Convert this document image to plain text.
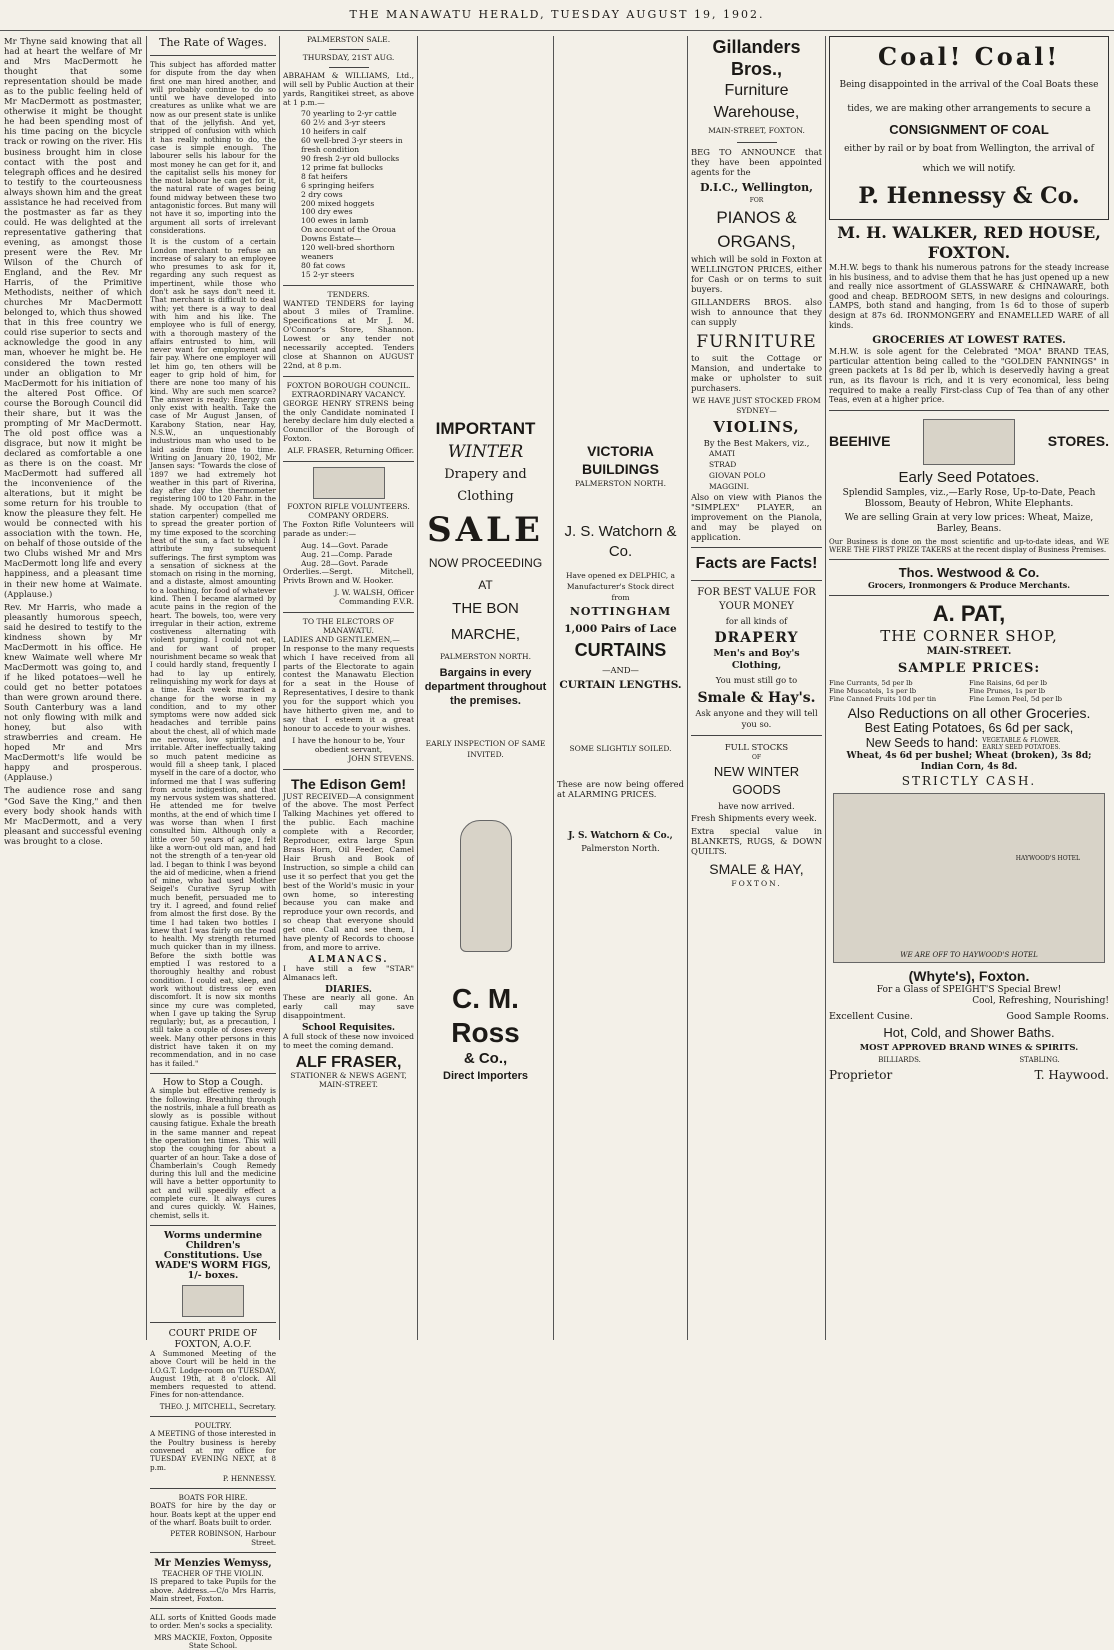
THE MANAWATU HERALD, TUESDAY AUGUST 19, 1902.

Mr Thyne said knowing that all had at heart the welfare of Mr and Mrs MacDermott he thought that some representation should be made as to the public feeling held of Mr MacDermott as postmaster, otherwise it might be thought he had been spending most of his time pacing on the bicycle track or rowing on the river. His business brought him in close contact with the post and telegraph offices and he desired to testify to the courteousness always shown him and the great assistance he had received from the postmaster as far as they could. He was delighted at the representative gathering that evening, as amongst those present were the Rev. Mr Wilson of the Church of England, and the Rev. Mr Harris, of the Primitive Methodists, neither of which churches Mr MacDermott belonged to, which thus showed that in this free country we could rise superior to sects and acknowledge the good in any man, whoever he might be. He considered the town rested under an obligation to Mr MacDermott for his initiation of the altered Post Office. Of course the Borough Council did their share, but it was the prompting of Mr MacDermott. The old post office was a disgrace, but now it might be declared as comfortable a one as there is on the coast. Mr MacDermott had suffered all the inconvenience of the alterations, but it might be some return for his trouble to know the pleasure they felt. He would be connected with his association with the town. He, on behalf of those outside of the two Clubs wished Mr and Mrs MacDermott long life and every happiness, and a pleasant time in their new home at Waimate. (Applause.)

Rev. Mr Harris, who made a pleasantly humorous speech, said he desired to testify to the kindness shown by Mr MacDermott in his office. He knew Waimate well where Mr MacDermott was going to, and if he liked potatoes—well he could get no better potatoes than were grown around there. South Canterbury was a land not only flowing with milk and honey, but also with strawberries and cream. He hoped Mr and Mrs MacDermott's life would be happy and prosperous. (Applause.)

The audience rose and sang "God Save the King," and then every body shook hands with Mr MacDermott, and a very pleasant and successful evening was brought to a close.

The Rate of Wages.

This subject has afforded matter for dispute from the day when first one man hired another, and will probably continue to do so until we have developed into creatures as unlike what we are now as our present state is unlike that of the jellyfish. And yet, stripped of confusion with which it has really nothing to do, the case is simple enough. The labourer sells his labour for the most money he can get for it, and the capitalist sells his money for the most labour he can get for it, the natural rate of wages being found midway between these two antagonistic forces. But many will not have it so, importing into the argument all sorts of irrelevant considerations.

It is the custom of a certain London merchant to refuse an increase of salary to an employee who presumes to ask for it, regarding any such request as impertinent, while those who don't ask he says don't need it. That merchant is difficult to deal with; yet there is a way to deal with him and his like. The employee who is full of energy, with a thorough mastery of the affairs entrusted to him, will never want for employment and fair pay. Where one employer will let him go, ten others will be eager to grip hold of him, for there are none too many of his kind. Why are such men scarce? The answer is ready: Energy can only exist with health. Take the case of Mr August Jansen, of Karabony Station, near Hay, N.S.W., an unquestionably industrious man who used to be laid aside from time to time. Writing on January 20, 1902, Mr Jansen says: "Towards the close of 1897 we had extremely hot weather in this part of Riverina, day after day the thermometer registering 100 to 120 Fahr. in the shade. My occupation (that of station carpenter) compelled me to spread the greater portion of my time exposed to the scorching heat of the sun, a fact to which I attribute my subsequent sufferings. The first symptom was a sensation of sickness at the stomach on rising in the morning, and a distaste, almost amounting to a loathing, for food of whatever kind. Then I became alarmed by acute pains in the region of the heart. The bowels, too, were very irregular in their action, extreme costiveness alternating with violent purging. I could not eat, and for want of proper nourishment became so weak that I could hardly stand, frequently I had to lay up entirely, relinquishing my work for days at a time. Each week marked a change for the worse in my condition, and to my other symptoms were now added sick headaches and terrible pains about the chest, all of which made me nervous, low spirited, and irritable. After ineffectually taking so much patent medicine as would fill a sheep tank, I placed myself in the care of a doctor, who informed me that I was suffering from acute indigestion, and that my nervous system was shattered. He attended me for twelve months, at the end of which time I was worse than when I first consulted him. Although only a little over 50 years of age, I felt like a worn-out old man, and had not the strength of a ten-year old lad. I began to think I was beyond the aid of medicine, when a friend of mine, who had used Mother Seigel's Curative Syrup with much benefit, persuaded me to try it. I agreed, and found relief from almost the first dose. By the time I had taken two bottles I knew that I was fairly on the road to health. My strength returned much quicker than in my illness. Before the sixth bottle was emptied I was restored to a thoroughly healthy and robust condition. I could eat, sleep, and work without distress or even discomfort. It is now six months since my cure was completed, when I gave up taking the Syrup regularly; but, as a precaution, I still take a couple of doses every week. Many other persons in this district have taken it on my recommendation, and in no case has it failed."

How to Stop a Cough.

A simple but effective remedy is the following. Breathing through the nostrils, inhale a full breath as slowly as is possible without causing fatigue. Exhale the breath in the same manner and repeat the operation ten times. This will stop the coughing for about a quarter of an hour. Take a dose of Chamberlain's Cough Remedy during this lull and the medicine will have a better opportunity to act and will speedily effect a complete cure. It always cures and cures quickly. W. Haines, chemist, sells it.

Worms undermine Children's Constitutions. Use WADE'S WORM FIGS, 1/- boxes.
COURT PRIDE OF FOXTON, A.O.F.

A Summoned Meeting of the above Court will be held in the I.O.G.T. Lodge-room on TUESDAY, August 19th, at 8 o'clock. All members requested to attend. Fines for non-attendance.

THEO. J. MITCHELL, Secretary.
POULTRY.

A MEETING of those interested in the Poultry business is hereby convened at my office for TUESDAY EVENING NEXT, at 8 p.m.

P. HENNESSY.
BOATS FOR HIRE.

BOATS for hire by the day or hour. Boats kept at the upper end of the wharf. Boats built to order.

PETER ROBINSON, Harbour Street.
Mr Menzies Wemyss,
TEACHER OF THE VIOLIN.

IS prepared to take Pupils for the above. Address.—C/o Mrs Harris, Main street, Foxton.

ALL sorts of Knitted Goods made to order. Men's socks a speciality.

MRS MACKIE, Foxton, Opposite State School.
PALMERSTON SALE.
THURSDAY, 21ST AUG.

ABRAHAM & WILLIAMS, Ltd., will sell by Public Auction at their yards, Rangitikei street, as above at 1 p.m.—

70 yearling to 2-yr cattle

60 2½ and 3-yr steers

10 heifers in calf

60 well-bred 3-yr steers in fresh condition

90 fresh 2-yr old bullocks

12 prime fat bullocks

8 fat heifers

6 springing heifers

2 dry cows

200 mixed hoggets

100 dry ewes

100 ewes in lamb

On account of the Oroua Downs Estate—

120 well-bred shorthorn weaners

80 fat cows

15 2-yr steers

TENDERS.

WANTED TENDERS for laying about 3 miles of Tramline. Specifications at Mr J. M. O'Connor's Store, Shannon. Lowest or any tender not necessarily accepted. Tenders close at Shannon on AUGUST 22nd, at 8 p.m.

FOXTON BOROUGH COUNCIL. EXTRAORDINARY VACANCY.

GEORGE HENRY STRENS being the only Candidate nominated I hereby declare him duly elected a Councillor of the Borough of Foxton.

ALF. FRASER, Returning Officer.
FOXTON RIFLE VOLUNTEERS.
COMPANY ORDERS.

The Foxton Rifle Volunteers will parade as under:—

Aug. 14—Govt. Parade

Aug. 21—Comp. Parade

Aug. 28—Govt. Parade

Orderlies.—Sergt. Mitchell, Privts Brown and W. Hooker.

J. W. WALSH, Officer Commanding F.V.R.
TO THE ELECTORS OF MANAWATU.
LADIES AND GENTLEMEN,—

In response to the many requests which I have received from all parts of the Electorate to again contest the Manawatu Election for a seat in the House of Representatives, I desire to thank you for the support which you have hitherto given me, and to say that I esteem it a great honour to accede to your wishes.

I have the honour to be, Your obedient servant,
JOHN STEVENS.
The Edison Gem!

JUST RECEIVED—A consignment of the above. The most Perfect Talking Machines yet offered to the public. Each machine complete with a Recorder, Reproducer, extra large Spun Brass Horn, Oil Feeder, Camel Hair Brush and Book of Instruction, so simple a child can use it so perfect that you get the best of the World's music in your own home, so interesting because you can make and reproduce your own records, and so cheap that everyone should get one. Call and see them, I have plenty of Records to choose from, and more to arrive.

ALMANACS.

I have still a few "STAR" Almanacs left.

DIARIES.

These are nearly all gone. An early call may save disappointment.

School Requisites.

A full stock of these now invoiced to meet the coming demand.

ALF FRASER,
STATIONER & NEWS AGENT,
MAIN-STREET.
IMPORTANT
WINTER
Drapery and Clothing
SALE
NOW PROCEEDING AT
THE BON MARCHE,
PALMERSTON NORTH.
Bargains in every department throughout the premises.
EARLY INSPECTION OF SAME INVITED.
C. M. Ross
& Co.,
Direct Importers
VICTORIA BUILDINGS
PALMERSTON NORTH.
J. S. Watchorn & Co.
Have opened ex DELPHIC, a Manufacturer's Stock direct from
NOTTINGHAM
1,000 Pairs of Lace
CURTAINS
—AND—
CURTAIN LENGTHS.
SOME SLIGHTLY SOILED.

These are now being offered at ALARMING PRICES.

J. S. Watchorn & Co.,
Palmerston North.
Gillanders Bros.,
Furniture Warehouse,
MAIN-STREET, FOXTON.

BEG TO ANNOUNCE that they have been appointed agents for the

D.I.C., Wellington,
FOR
PIANOS & ORGANS,

which will be sold in Foxton at WELLINGTON PRICES, either for Cash or on terms to suit buyers.

GILLANDERS BROS. also wish to announce that they can supply

FURNITURE

to suit the Cottage or Mansion, and undertake to make or upholster to suit purchasers.

WE HAVE JUST STOCKED FROM SYDNEY—
VIOLINS,
By the Best Makers, viz.,

AMATI

STRAD

GIOVAN POLO

MAGGINI.

Also on view with Pianos the "SIMPLEX" PLAYER, an improvement on the Pianola, and may be played on application.

Facts are Facts!
FOR BEST VALUE FOR YOUR MONEY
for all kinds of
DRAPERY
Men's and Boy's Clothing,
You must still go to
Smale & Hay's.
Ask anyone and they will tell you so.
FULL STOCKS
OF
NEW WINTER GOODS
have now arrived.

Fresh Shipments every week.

Extra special value in BLANKETS, RUGS, & DOWN QUILTS.

SMALE & HAY,
FOXTON.
Coal! Coal!
Being disappointed in the arrival of the Coal Boats these tides, we are making other arrangements to secure a
CONSIGNMENT OF COAL
either by rail or by boat from Wellington, the arrival of which we will notify.
P. Hennessy & Co.
M. H. WALKER, RED HOUSE, FOXTON.

M.H.W. begs to thank his numerous patrons for the steady increase in his business, and to advise them that he has just opened up a new and really nice assortment of GLASSWARE & CHINAWARE, both good and cheap. BEDROOM SETS, in new designs and colourings. LAMPS, both stand and hanging, from 1s 6d to those of superb design at 87s 6d. IRONMONGERY and ENAMELLED WARE of all kinds.

GROCERIES AT LOWEST RATES.

M.H.W. is sole agent for the Celebrated "MOA" BRAND TEAS, particular attention being called to the "GOLDEN FANNINGS" in green packets at 1s 8d per lb, which is deservedly having a great run, as its flavour is rich, and it is very economical, less being required to make a really First-class Cup of Tea than of any other Teas, even at a higher price.

BEEHIVE	STORES.
Early Seed Potatoes.
Splendid Samples, viz.,—Early Rose, Up-to-Date, Peach Blossom, Beauty of Hebron, White Elephants.
We are selling Grain at very low prices: Wheat, Maize, Barley, Beans.

Our Business is done on the most scientific and up-to-date ideas, and WE WERE THE FIRST PRIZE TAKERS at the recent display of Business Premises.

Thos. Westwood & Co.
Grocers, Ironmongers & Produce Merchants.
A. PAT,
THE CORNER SHOP,
MAIN-STREET.
SAMPLE PRICES:
Fine Currants, 5d per lb	Fine Raisins, 6d per lb
Fine Muscatels, 1s per lb	Fine Prunes, 1s per lb
Fine Canned Fruits 10d per tin	Fine Lemon Peel, 5d per lb
Also Reductions on all other Groceries.
Best Eating Potatoes, 6s 6d per sack,
New Seeds to hand: VEGETABLE & FLOWER. EARLY SEED POTATOES.
Wheat, 4s 6d per bushel; Wheat (broken), 3s 8d; Indian Corn, 4s 8d.
STRICTLY CASH.
HAYWOOD'S HOTEL
WE ARE OFF TO HAYWOOD'S HOTEL
(Whyte's), Foxton.
For a Glass of SPEIGHT'S Special Brew!
Cool, Refreshing, Nourishing!
Excellent Cusine.	Good Sample Rooms.
Hot, Cold, and Shower Baths.
MOST APPROVED BRAND WINES & SPIRITS.
BILLIARDS.	STABLING.
Proprietor	T. Haywood.
